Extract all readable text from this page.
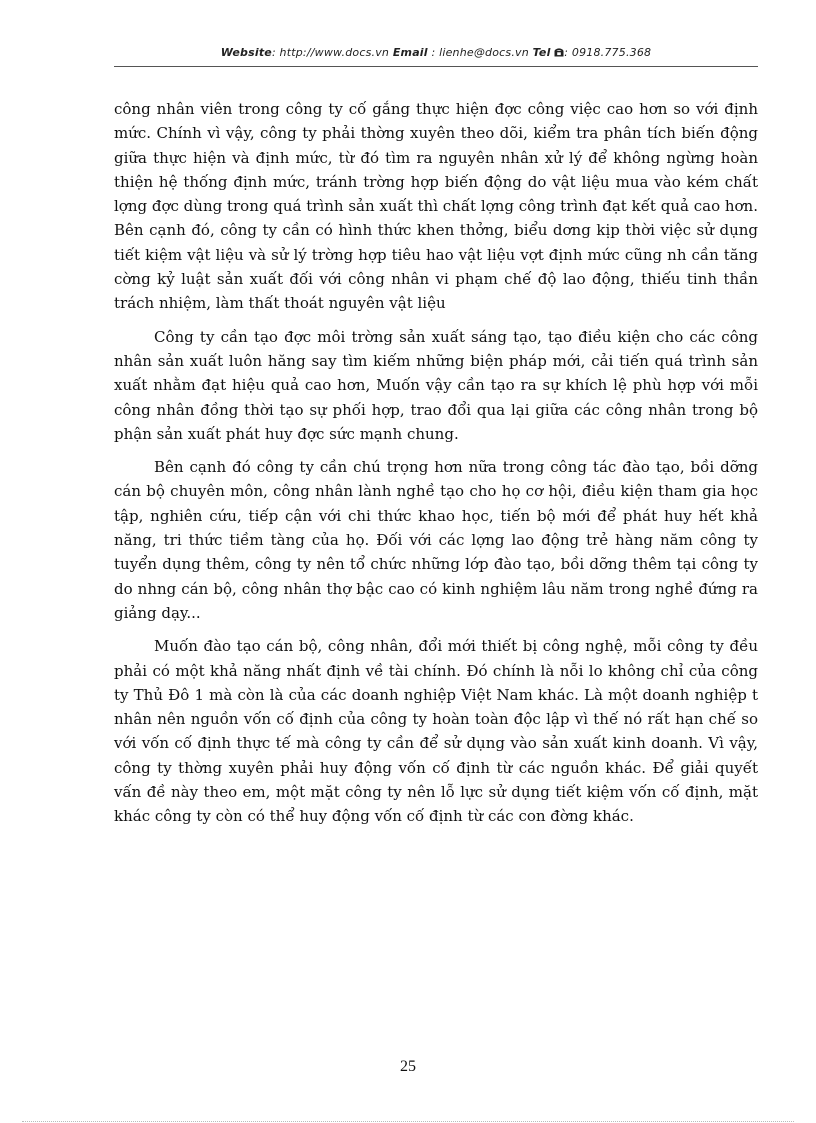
Website: http://www.docs.vn Email : lienhe@docs.vn Tel : 0918.775.368

công nhân viên trong công ty cố gắng thực hiện đợc công việc cao hơn so với định mức. Chính vì vậy, công ty phải thờng xuyên theo dõi, kiểm tra phân tích biến động giữa thực hiện và định mức, từ đó tìm ra nguyên nhân xử lý để không ngừng hoàn thiện hệ thống định mức, tránh trờng hợp biến động do vật liệu mua vào kém chất lợng đợc dùng trong quá trình sản xuất thì chất lợng công trình đạt kết quả cao hơn. Bên cạnh đó, công ty cần có hình thức khen thởng, biểu dơng kịp thời việc sử dụng tiết kiệm vật liệu và sử lý trờng hợp tiêu hao vật liệu vợt định mức cũng nh cần tăng cờng kỷ luật sản xuất đối với công nhân vi phạm chế độ lao động, thiếu tinh thần trách nhiệm, làm thất thoát nguyên vật liệu

Công ty cần tạo đợc môi trờng sản xuất sáng tạo, tạo điều kiện cho các công nhân sản xuất luôn hăng say tìm kiếm những biện pháp mới, cải tiến quá trình sản xuất nhằm đạt hiệu quả cao hơn, Muốn vậy cần tạo ra sự khích lệ phù hợp với mỗi công nhân đồng thời tạo sự phối hợp, trao đổi qua lại giữa các công nhân trong bộ phận sản xuất phát huy đợc sức mạnh chung.

Bên cạnh đó công ty cần chú trọng hơn nữa trong công tác đào tạo, bồi dỡng cán bộ chuyên môn, công nhân lành nghề tạo cho họ cơ hội, điều kiện tham gia học tập, nghiên cứu, tiếp cận với chi thức khao học, tiến bộ mới để phát huy hết khả năng, tri thức tiềm tàng của họ. Đối với các lợng lao động trẻ hàng năm công ty tuyển dụng thêm, công ty nên tổ chức những lớp đào tạo, bồi dỡng thêm tại công ty do nhng cán bộ, công nhân thợ bậc cao có kinh nghiệm lâu năm trong nghề đứng ra giảng dạy...

Muốn đào tạo cán bộ, công nhân, đổi mới thiết bị công nghệ, mỗi công ty đều phải có một khả năng nhất định về tài chính. Đó chính là nỗi lo không chỉ của công ty Thủ Đô 1 mà còn là của các doanh nghiệp Việt Nam khác. Là một doanh nghiệp t nhân nên nguồn vốn cố định của công ty hoàn toàn độc lập vì thế nó rất hạn chế so với vốn cố định thực tế mà công ty cần để sử dụng vào sản xuất kinh doanh. Vì vậy, công ty thờng xuyên phải huy động vốn cố định từ các nguồn khác. Để giải quyết vấn đề này theo em, một mặt công ty nên lỗ lực sử dụng tiết kiệm vốn cố định, mặt khác công ty còn có thể huy động vốn cố định từ các con đờng khác.

25
